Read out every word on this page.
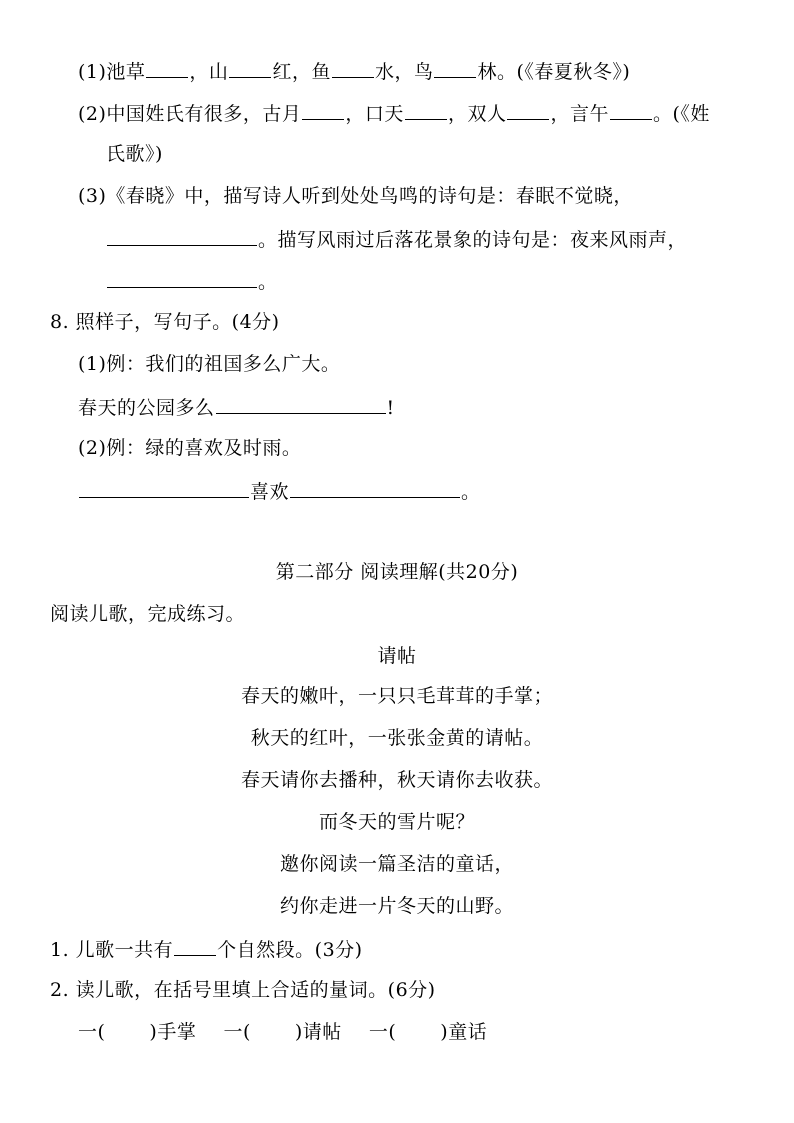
(1)池草 ，山 红，鱼 水，鸟 林。(《春夏秋冬》)
(2)中国姓氏有很多，古月 ，口天 ，双人 ，言午 。(《姓
氏歌》)
(3)《春晓》中，描写诗人听到处处鸟鸣的诗句是：春眠不觉晓，
。描写风雨过后落花景象的诗句是：夜来风雨声，
。
8. 照样子，写句子。(4分)
(1)例：我们的祖国多么广大。
春天的公园多么	!
(2)例：绿的喜欢及时雨。
喜欢	。
第二部分 阅读理解(共20分)
阅读儿歌，完成练习。
请帖
春天的嫩叶，一只只毛茸茸的手掌；
秋天的红叶，一张张金黄的请帖。
春天请你去播种，秋天请你去收获。
而冬天的雪片呢？
邀你阅读一篇圣洁的童话，
约你走进一片冬天的山野。
1. 儿歌一共有 个自然段。(3分)
2. 读儿歌，在括号里填上合适的量词。(6分)
一( )手掌 一( )请帖 一( )童话
